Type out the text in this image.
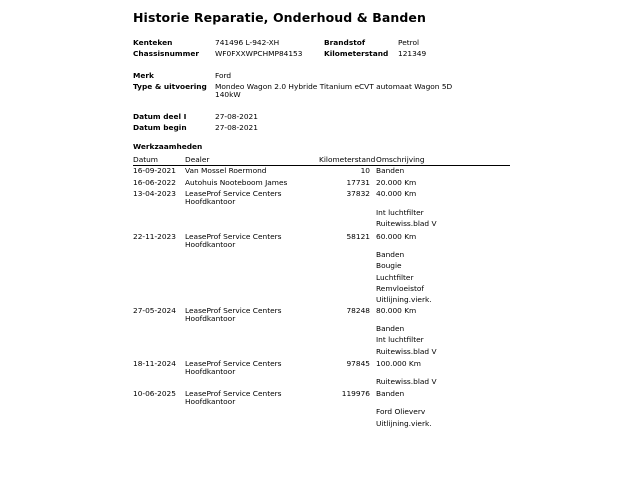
Historie Reparatie, Onderhoud & Banden
Kenteken	741496 L-942-XH	Brandstof	Petrol
Chassisnummer WF0FXXWPCHMP84153	Kilometerstand 121349
Merk	Ford
Type & uitvoering Mondeo Wagon 2.0 Hybride Titanium eCVT automaat Wagon 5D
140kW
Datum deel I	27-08-2021
Datum begin	27-08-2021
Werkzaamheden
Datum	Dealer	Kilometerstand Omschrijving
16-09-2021 Van Mossel Roermond	10 Banden
16-06-2022 Autohuis Nooteboom James	17731 20.000 Km
13-04-2023 LeaseProf Service Centers
Hoofdkantoor
37832 40.000 Km
Int luchtfilter
Ruitewiss.blad V
22-11-2023 LeaseProf Service Centers
Hoofdkantoor
58121 60.000 Km
Banden
Bougie
Luchtfilter
Remvloeistof
Uitlijning.vierk.
27-05-2024 LeaseProf Service Centers
Hoofdkantoor
78248 80.000 Km
Banden
Int luchtfilter
Ruitewiss.blad V
18-11-2024 LeaseProf Service Centers
Hoofdkantoor
97845 100.000 Km
Ruitewiss.blad V
10-06-2025 LeaseProf Service Centers
Hoofdkantoor
119976 Banden
Ford Olieverv
Uitlijning.vierk.
